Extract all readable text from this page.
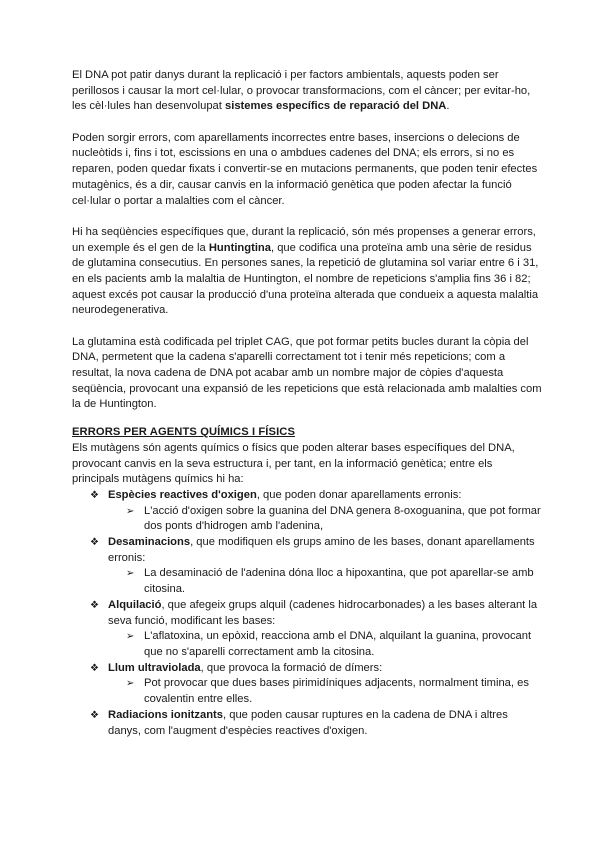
El DNA pot patir danys durant la replicació i per factors ambientals, aquests poden ser perillosos i causar la mort cel·lular, o provocar transformacions, com el càncer; per evitar-ho, les cèl·lules han desenvolupat sistemes específics de reparació del DNA.

Poden sorgir errors, com aparellaments incorrectes entre bases, insercions o delecions de nucleòtids i, fins i tot, escissions en una o ambdues cadenes del DNA; els errors, si no es reparen, poden quedar fixats i convertir-se en mutacions permanents, que poden tenir efectes mutagènics, és a dir, causar canvis en la informació genètica que poden afectar la funció cel·lular o portar a malalties com el càncer.

Hi ha seqüències específiques que, durant la replicació, són més propenses a generar errors, un exemple és el gen de la Huntingtina, que codifica una proteïna amb una sèrie de residus de glutamina consecutius. En persones sanes, la repetició de glutamina sol variar entre 6 i 31, en els pacients amb la malaltia de Huntington, el nombre de repeticions s'amplia fins 36 i 82; aquest excés pot causar la producció d'una proteïna alterada que condueix a aquesta malaltia neurodegenerativa.

La glutamina està codificada pel triplet CAG, que pot formar petits bucles durant la còpia del DNA, permetent que la cadena s'aparelli correctament tot i tenir més repeticions; com a resultat, la nova cadena de DNA pot acabar amb un nombre major de còpies d'aquesta seqüència, provocant una expansió de les repeticions que està relacionada amb malalties com la de Huntington.

ERRORS PER AGENTS QUÍMICS I FÍSICS

Els mutàgens són agents químics o físics que poden alterar bases específiques del DNA, provocant canvis en la seva estructura i, per tant, en la informació genètica; entre els principals mutàgens químics hi ha:

❖ Espècies reactives d'oxigen, que poden donar aparellaments erronis:
➢ L'acció d'oxigen sobre la guanina del DNA genera 8-oxoguanina, que pot formar dos ponts d'hidrogen amb l'adenina,
❖ Desaminacions, que modifiquen els grups amino de les bases, donant aparellaments erronis:
➢ La desaminació de l'adenina dóna lloc a hipoxantina, que pot aparellar-se amb citosina.
❖ Alquilació, que afegeix grups alquil (cadenes hidrocarbonades) a les bases alterant la seva funció, modificant les bases:
➢ L'aflatoxina, un epòxid, reacciona amb el DNA, alquilant la guanina, provocant que no s'aparelli correctament amb la citosina.
❖ Llum ultraviolada, que provoca la formació de dímers:
➢ Pot provocar que dues bases pirimidíniques adjacents, normalment timina, es covalentin entre elles.
❖ Radiacions ionitzants, que poden causar ruptures en la cadena de DNA i altres danys, com l'augment d'espècies reactives d'oxigen.
